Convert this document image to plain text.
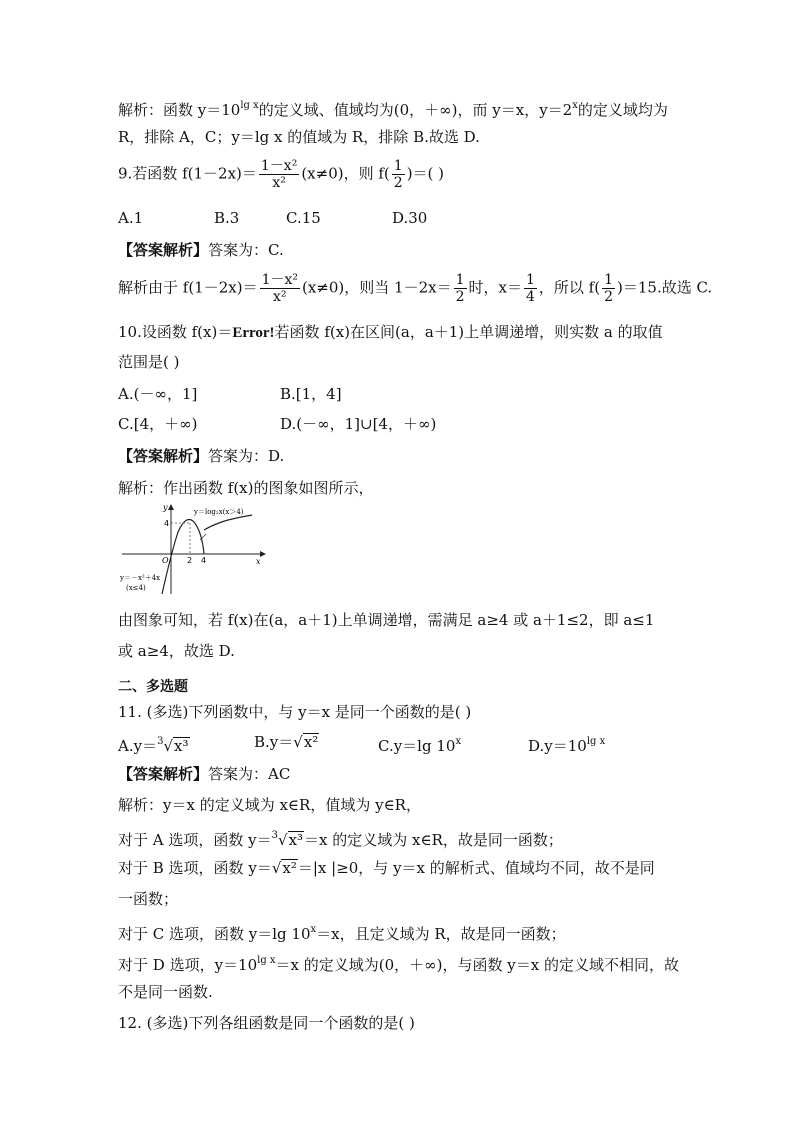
解析：函数 $y=10^{lg x}$的定义域、值域均为(0，＋∞)，而 y＝x，$y=2^x$的定义域均为
R，排除 A，C；y＝lg x 的值域为 R，排除 B.故选 D.
9.若函数 $f(1-2x)= \frac{\text{1－x²}}{\text{x²}} (x\ne 0)$，则 $f( \frac{1}{2}$ )＝( )
A.1	B.3	C.15	D.30
【答案解析】答案为：C.
解析由于 $f(1-2x)= \frac{\text{1－x²}}{\text{x²}} (x\ne 0)$，则当 $1-2x= \frac{1}{2}$ 时，$x= \frac{1}{4}$ ，所以 $f( \frac{1}{2} )=15$.故选 C.
10.设函数 f(x)＝Error!若函数 f(x)在区间(a，a＋1)上单调递增，则实数 a 的取值
范围是( )
A.(－∞，1]	B.[1，4]
C.[4，＋∞)	D.(－∞，1]∪[4，＋∞)
【答案解析】答案为：D.
解析：作出函数 f(x)的图象如图所示，
y
x
O
4
2 4
y＝log₂x(x＞4)
y＝－x²＋4x
(x≤4)
由图象可知，若 f(x)在(a，a＋1)上单调递增，需满足 a≥4 或 a＋1≤2，即 a≤1
或 a≥4，故选 D.
二、多选题
11. (多选)下列函数中，与 y＝x 是同一个函数的是( )
A.y＝$^3$√x³	B.y＝√x²	C.y＝lg 10$^x$	$D.y=10^{lg x}$
【答案解析】答案为：AC
解析：y＝x 的定义域为 x∈R，值域为 y∈R，
对于 A 选项，函数 y＝$^3$√x³＝x 的定义域为 x∈R，故是同一函数；
对于 B 选项，函数 y＝√x²＝|x |≥0，与 y＝x 的解析式、值域均不同，故不是同
一函数；
对于 C 选项，函数 y＝lg $10^x=x$，且定义域为 R，故是同一函数；
对于 D 选项，$y=10^{lg x}=x$ 的定义域为(0，＋∞)，与函数 y＝x 的定义域不相同，故
不是同一函数.
12. (多选)下列各组函数是同一个函数的是( )
